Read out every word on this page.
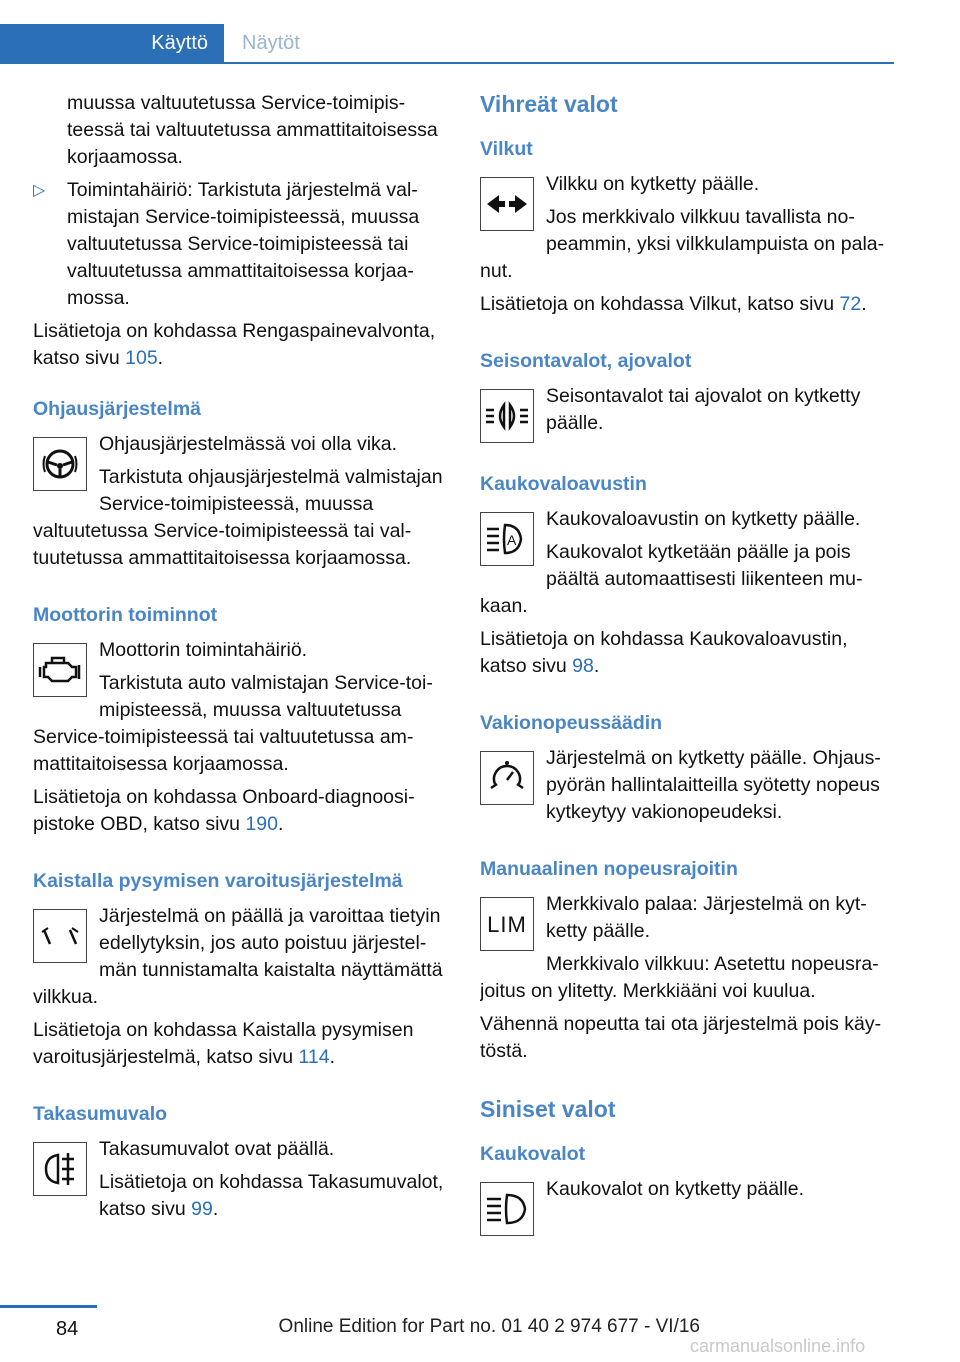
Käyttö	Näytöt

muussa valtuutetussa Service-toimipisteessä tai valtuutetussa ammattitaitoisessa korjaamossa.

▷ Toimintahäiriö: Tarkistuta järjestelmä valmistajan Service-toimipisteessä, muussa valtuutetussa Service-toimipisteessä tai valtuutetussa ammattitaitoisessa korjaamossa.

Lisätietoja on kohdassa Rengaspainevalvonta, katso sivu 105.

Ohjausjärjestelmä

Ohjausjärjestelmässä voi olla vika.

Tarkistuta ohjausjärjestelmä valmistajan Service-toimipisteessä, muussa valtuutetussa Service-toimipisteessä tai valtuutetussa ammattitaitoisessa korjaamossa.

Moottorin toiminnot

Moottorin toimintahäiriö.

Tarkistuta auto valmistajan Service-toimipisteessä, muussa valtuutetussa Service-toimipisteessä tai valtuutetussa ammattitaitoisessa korjaamossa.

Lisätietoja on kohdassa Onboard-diagnoosipistoke OBD, katso sivu 190.

Kaistalla pysymisen varoitusjärjestelmä

Järjestelmä on päällä ja varoittaa tietyin edellytyksin, jos auto poistuu järjestelmän tunnistamalta kaistalta näyttämättä vilkkua.

Lisätietoja on kohdassa Kaistalla pysymisen varoitusjärjestelmä, katso sivu 114.

Takasumuvalo

Takasumuvalot ovat päällä.

Lisätietoja on kohdassa Takasumuvalot, katso sivu 99.

Vihreät valot
Vilkut

Vilkku on kytketty päälle.

Jos merkkivalo vilkkuu tavallista nopeammin, yksi vilkkulampuista on palanut.

Lisätietoja on kohdassa Vilkut, katso sivu 72.

Seisontavalot, ajovalot

Seisontavalot tai ajovalot on kytketty päälle.

Kaukovaloavustin
A

Kaukovaloavustin on kytketty päälle.

Kaukovalot kytketään päälle ja pois päältä automaattisesti liikenteen mukaan.

Lisätietoja on kohdassa Kaukovaloavustin, katso sivu 98.

Vakionopeussäädin

Järjestelmä on kytketty päälle. Ohjauspyörän hallintalaitteilla syötetty nopeus kytkeytyy vakionopeudeksi.

Manuaalinen nopeusrajoitin
LIM

Merkkivalo palaa: Järjestelmä on kytketty päälle.

Merkkivalo vilkkuu: Asetettu nopeusrajoitus on ylitetty. Merkkiääni voi kuulua.

Vähennä nopeutta tai ota järjestelmä pois käytöstä.

Siniset valot
Kaukovalot

Kaukovalot on kytketty päälle.

84	Online Edition for Part no. 01 40 2 974 677 - VI/16
carmanualsonline.info
